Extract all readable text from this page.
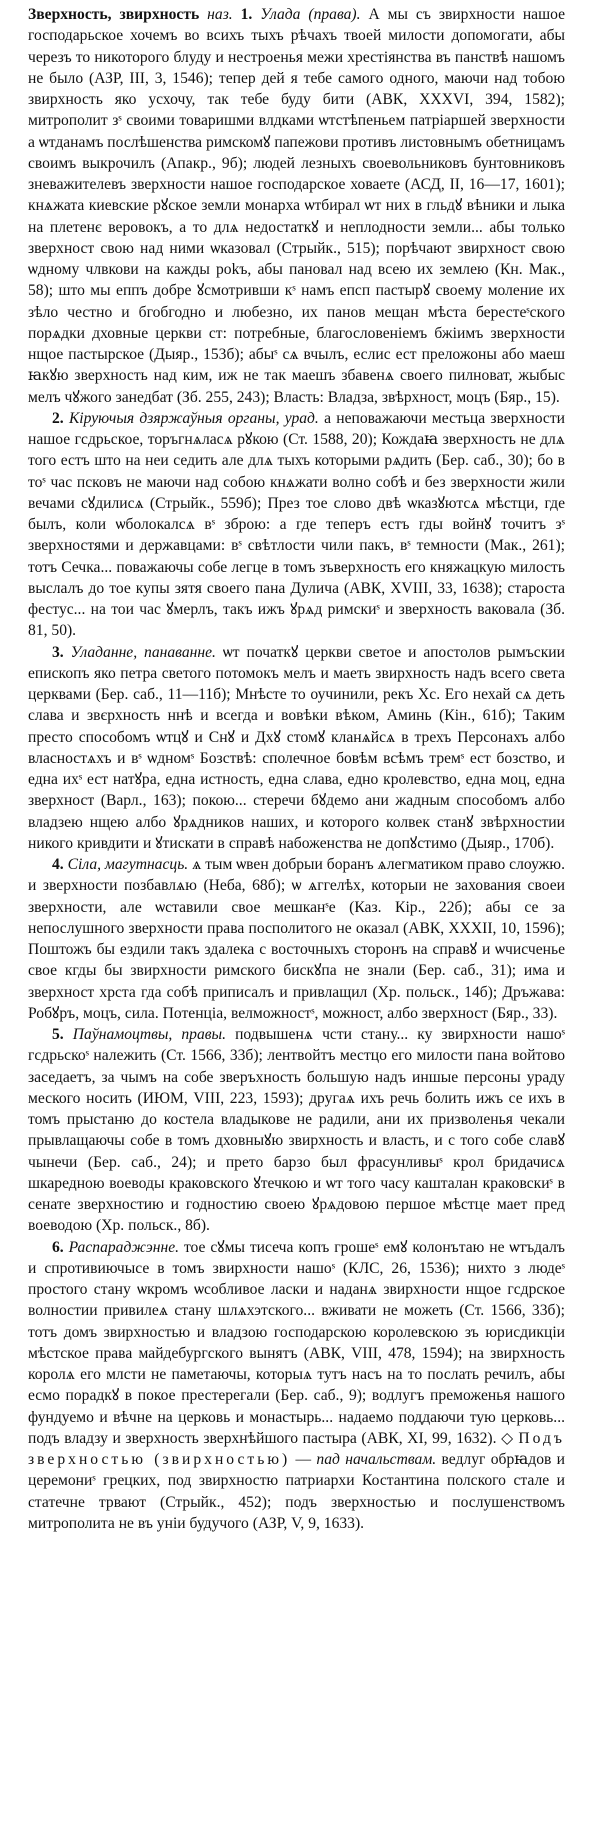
Зверхность, звирхность наз. 1. Улада (права). А мы съ звирхности нашое господарьское хочемъ во всихъ тыхъ рѣчахъ твоей милости допомогати, абы черезъ то никоторого блуду и нестроенья межи хрестіянства въ панствѣ нашомъ не было (АЗР, III, 3, 1546); тепер дей я тебе самого одного, маючи над тобою звирхность яко усхочу, так тебе буду бити (АВК, XXXVI, 394, 1582); митрополит зˢ своими товаришми влдками ѡтстѣпеньем патріаршей зверхности а ѡтданамъ послѣшенства римскомꙋ папежови противъ листовнымъ обетницамъ своимъ выкрочилъ (Апакр., 9б); людей лезныхъ своевольниковъ бунтовниковъ зневажителевъ зверхности нашое господарское ховаете (АСД, II, 16—17, 1601); кнѧжата киевские рꙋское земли монарха ѡтбирал ѡт них в гльдꙋ вѣники и лыка на плетенє веровокъ, а то длѧ недостаткꙋ и неплодности земли... абы только зверхност свою над ними ѡказовал (Стрыйк., 515); порѣчают звирхност свою ѡдному члвкови на кажды роkъ, абы пановал над всею их землею (Кн. Мак., 58); што мы еппъ добре ꙋсмотривши кˢ намъ епсп пастырꙋ своему моление их зѣло честно и бгобгодно и любезно, их панов мещан мѣста берестеˢского порѧдки дховные церкви ст: потребные, благословеніемъ бжіимъ зверхности нщое пастырское (Дыяр., 153б); абыˢ сѧ вчылъ, еслис ест преложоны або маеш ꙗкꙋю зверхность над ким, иж не так маешъ збавенѧ своего пилноват, жыбыс мелъ чꙋжого занедбат (Зб. 255, 243); Власть: Владза, звѣрхност, моцъ (Бяр., 15).

2. Кіруючыя дзяржаўныя органы, урад. а неповажаючи местьца зверхности нашое гсдрьское, торъгнѧласѧ рꙋкою (Ст. 1588, 20); Кождаꙗ зверхность не длѧ того естъ што на неи седить але длѧ тыхъ которыми рѧдить (Бер. саб., 30); бо в тоˢ час псковъ не маючи над собою кнѧжати волно собѣ и без зверхности жили вечами сꙋдилисѧ (Стрыйк., 559б); През тое слово двѣ ѡказꙋютсѧ мѣстци, где былъ, коли ѡболокалсѧ вˢ зброю: а где теперъ естъ гды войнꙋ точитъ зˢ зверхностями и державцами: вˢ свѣтлости чили пакъ, вˢ темности (Мак., 261); тотъ Сечка... поважаючы собе легце в томъ зъверхность его княжацкую милость выслалъ до тое купы зятя своего пана Дулича (АВК, XVIII, 33, 1638); старостa фестус... на тои час ꙋмерлъ, такъ ижъ ꙋрѧд римскиˢ и зверхность ваковала (Зб. 81, 50).

3. Уладанне, панаванне. ѡт початкꙋ церкви светое и апостолов рымъскии епископъ яко петра светого потомокъ мелъ и маеть звирхность надъ всего света церквами (Бер. саб., 11—11б); Мнѣсте то оучинили, рекъ Хс. Его нехай сѧ деть слава и звєрхность ннѣ и всегда и вовѣки вѣком, Аминь (Кін., 61б); Таким престо способомъ ѡтцꙋ и Снꙋ и Дхꙋ стомꙋ кланѧйсѧ в трехъ Персонахъ албо власностѧхъ и вˢ ѡдномˢ Бозствѣ: сполечное бовѣм всѣмъ тремˢ ест бозство, и една ихˢ ест натꙋра, една истность, една слава, едно кролевство, една моц, една зверхност (Варл., 163); покою... стеречи бꙋдемо ани жадным способомъ албо владзею нщею албо ꙋрѧдников наших, и которого колвек станꙋ звѣрхностии никого кривдити и ꙋтискати в справѣ набоженства не допꙋстимо (Дыяр., 170б).

4. Сіла, магутнасць. ѧ тым ѡвен добрыи боранъ ѧлегматиком право слоужю. и зверхности позбавлѧю (Неба, 68б); ѡ ѧггелѣх, которыи не захования своеи зверхности, але ѡставили свое мешканˢе (Каз. Кір., 22б); абы се за непослушного зверхности права посполитого не оказал (АВК, XXXII, 10, 1596); Поштожъ бы ездили такъ здалека с восточныхъ сторонъ на справꙋ и ѡчисченье свое кгды бы звирхности римского бискꙋпа не знали (Бер. саб., 31); има и зверхност хрста гда собѣ приписалъ и привлащил (Хр. польск., 14б); Дръжава: Робꙋръ, моцъ, сила. Потенціа, велможностˢ, можност, албо зверхност (Бяр., 33).

5. Паўнамоцтвы, правы. подвышенѧ чсти стану... ку звирхности нашоˢ гсдрьскоˢ належить (Ст. 1566, 33б); лентвойтъ местцо его милости пана войтово заседаетъ, за чымъ на собе зверъхность большую надъ иншые персоны ураду меского носить (ИЮМ, VIII, 223, 1593); другаѧ ихъ речь болить ижъ се ихъ в томъ прыстаню до костела владыкове не радили, ани их призволенья чекали прывлащаючы собе в томъ дховныꙋю звирхность и власть, и с того собе славꙋ чынечи (Бер. саб., 24); и прето барзо был фрасунливыˢ крол бридачисѧ шкаредною воеводы краковского ꙋтечкою и ѡт того часу кашталан краковскиˢ в сенате зверхностию и годностию своею ꙋрѧдовою першое мѣстце мает пред воеводою (Хр. польск., 8б).

6. Распараджэнне. тое сꙋмы тисеча копъ грошеˢ емꙋ колонътаю не ѡтъдалъ и спротивиючысе в томъ звирхности нашоˢ (КЛС, 26, 1536); нихто з людеˢ простого стану ѡкромъ ѡсобливое ласки и наданѧ звирхности нщое гсдрское волностии привилеѧ стану шлѧхэтского... вживати не можеть (Ст. 1566, 33б); тотъ домъ звирхностью и владзою господарскою королевскою зъ юрисдикціи мѣстское права майдебургского вынятъ (АВК, VIII, 478, 1594); на звирхность королѧ его млсти не паметаючы, которыѧ тутъ насъ на то послать речилъ, абы есмо порадкꙋ в покое престерегали (Бер. саб., 9); водлугъ преможенья нашого фундуемо и вѣчне на церковь и монастырь... надаемо поддаючи тую церковь... подъ владзу и зверхность зверхнѣйшого пастыра (АВК, XI, 99, 1632). ◇ Подъ зверхностью (звирхностью) — пад начальствам. ведлуг обрꙗдов и церемониˢ грецких, под звирхностю патриархи Костантина полского стале и статечне трвают (Стрыйк., 452); подъ зверхностью и послушенствомъ митрополита не въ уніи будучого (АЗР, V, 9, 1633).
